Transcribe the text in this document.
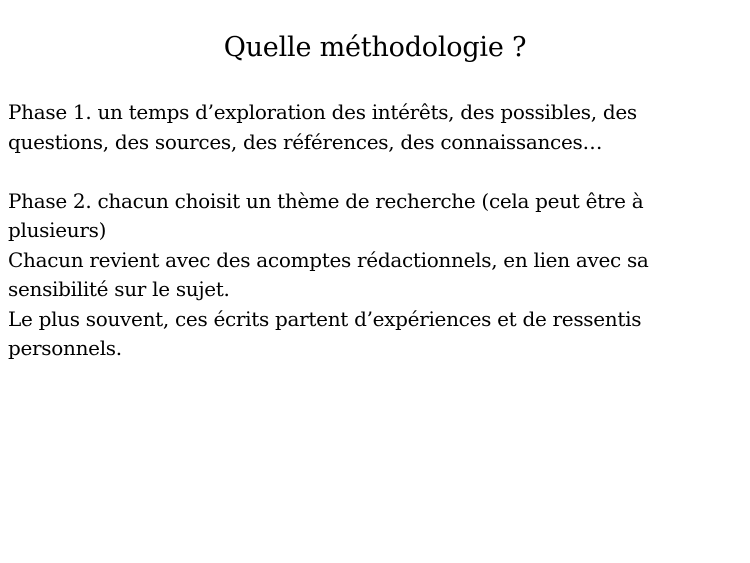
Quelle méthodologie ?

Phase 1. un temps d’exploration des intérêts, des possibles, des questions, des sources, des références, des connaissances…

Phase 2. chacun choisit un thème de recherche (cela peut être à plusieurs)

Chacun revient avec des acomptes rédactionnels, en lien avec sa sensibilité sur le sujet.

Le plus souvent, ces écrits partent d’expériences et de ressentis personnels.
